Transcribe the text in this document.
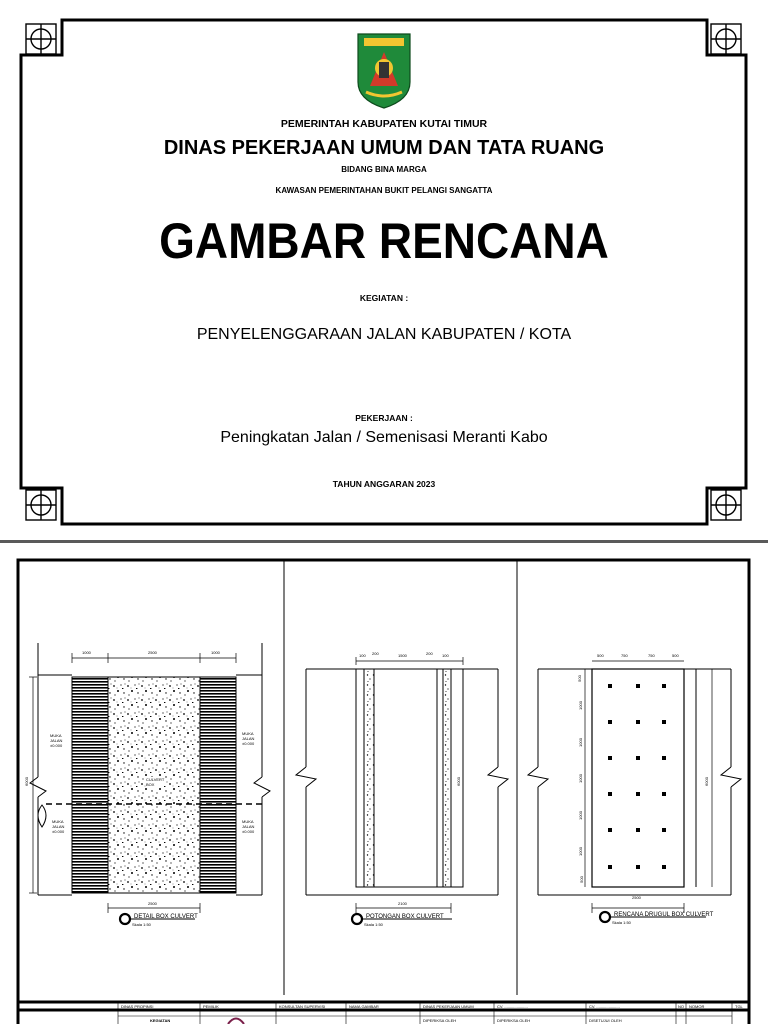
PEMERINTAH KABUPATEN KUTAI TIMUR
DINAS PEKERJAAN UMUM DAN TATA RUANG
BIDANG BINA MARGA
KAWASAN PEMERINTAHAN BUKIT PELANGI SANGATTA
GAMBAR RENCANA
KEGIATAN :
PENYELENGGARAAN JALAN KABUPATEN / KOTA
PEKERJAAN :
Peningkatan Jalan / Semenisasi Meranti Kabo
TAHUN ANGGARAN 2023
1000	2500	1000
2500
6000
MUKA
JALAN
±0.000
MUKA
JALAN
±0.000
MUKA
JALAN
±0.000
MUKA
JALAN
±0.000
CULVERT
BOX
DETAIL BOX CULVERT
Skala 1:50
100 200	1500	200 100
2100
6000
POTONGAN BOX CULVERT
Skala 1:50
500	750	750	500
500
1000
1000
1000
1000
1000
500
2500
6000
RENCANA DRUGUL BOX CULVERT
Skala 1:50
DINAS PROPINSI	PEMILIK	KONSULTAN SUPERVISI	NAMA GAMBAR	DINAS PEKERJAAN UMUM	CV. .....................	CV. .....................	NO NOMOR	TGL
KEGIATAN	DIPERIKSA OLEH	DIPERIKSA OLEH	DISETUJUI OLEH
